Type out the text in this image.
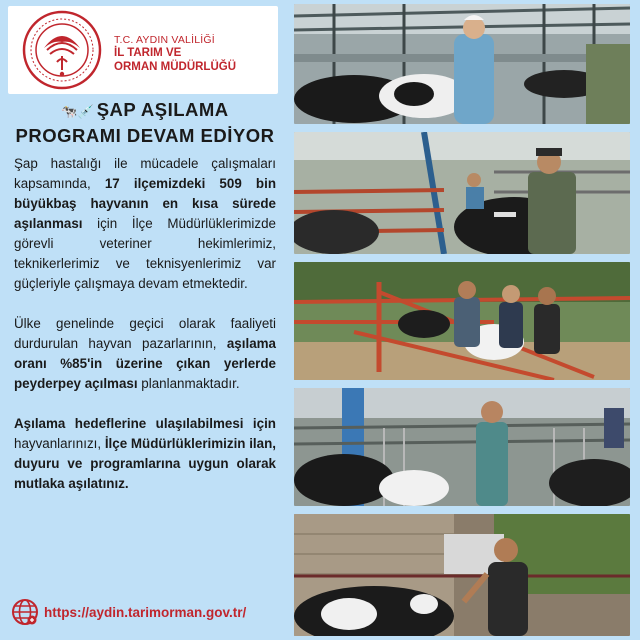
T.C. AYDIN VALİLİĞİ
İL TARIM VE
ORMAN MÜDÜRLÜĞÜ
🐄💉 ŞAP AŞILAMA
PROGRAMI DEVAM EDİYOR

Şap hastalığı ile mücadele çalışmaları kapsamında, 17 ilçemizdeki 509 bin büyükbaş hayvanın en kısa sürede aşılanması için İlçe Müdürlüklerimizde görevli veteriner hekimlerimiz, teknikerlerimiz ve teknisyenlerimiz var güçleriyle çalışmaya devam etmektedir.

Ülke genelinde geçici olarak faaliyeti durdurulan hayvan pazarlarının, aşılama oranı %85'in üzerine çıkan yerlerde peyderpey açılması planlanmaktadır.

Aşılama hedeflerine ulaşılabilmesi için hayvanlarınızı, İlçe Müdürlüklerimizin ilan, duyuru ve programlarına uygun olarak mutlaka aşılatınız.

https://aydin.tarimorman.gov.tr/
